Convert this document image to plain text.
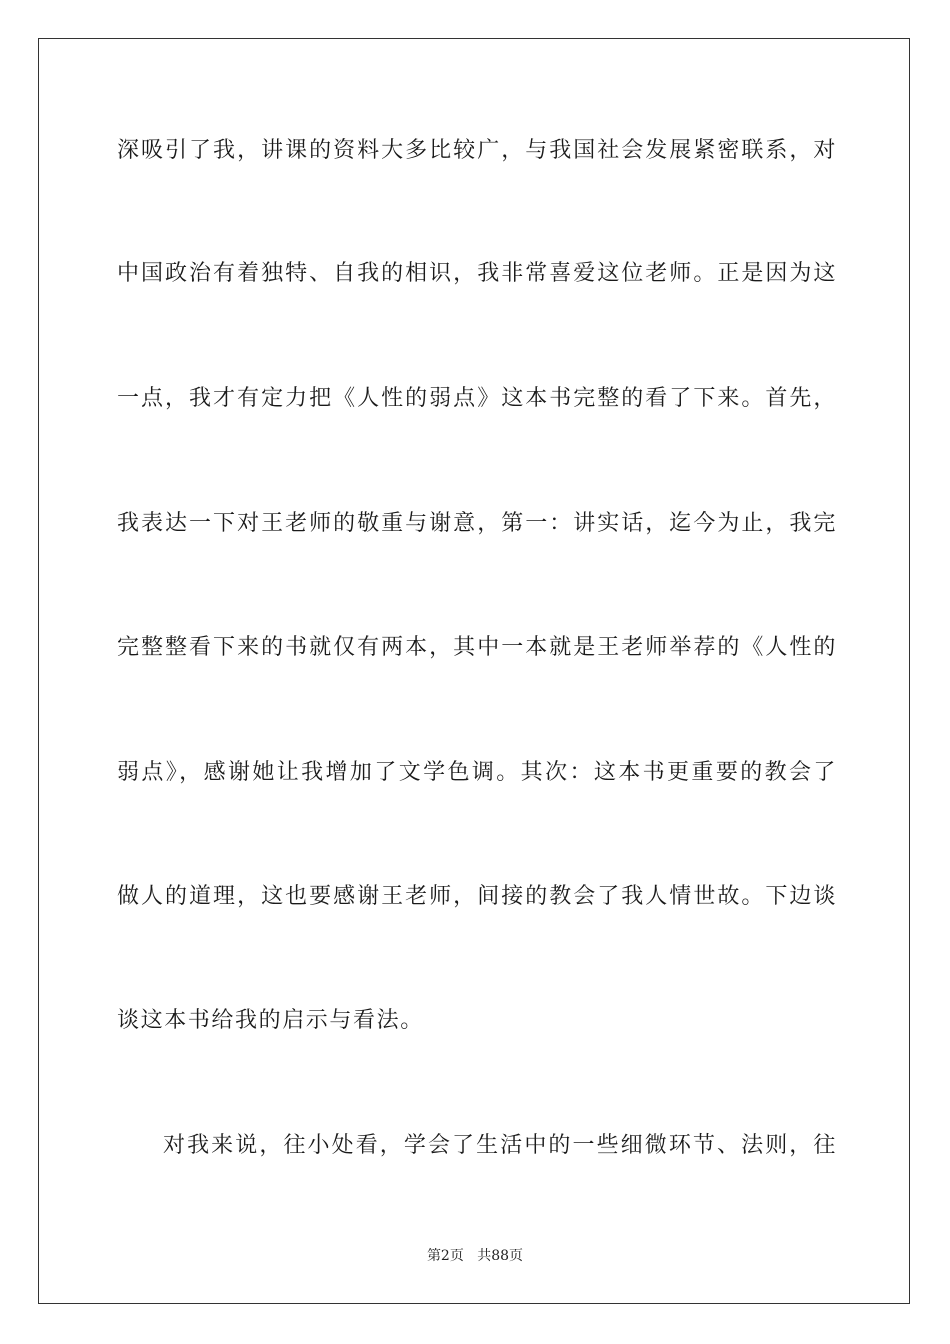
深吸引了我，讲课的资料大多比较广，与我国社会发展紧密联系，对
中国政治有着独特、自我的相识，我非常喜爱这位老师。正是因为这
一点，我才有定力把《人性的弱点》这本书完整的看了下来。首先，
我表达一下对王老师的敬重与谢意，第一：讲实话，迄今为止，我完
完整整看下来的书就仅有两本，其中一本就是王老师举荐的《人性的
弱点》，感谢她让我增加了文学色调。其次：这本书更重要的教会了
做人的道理，这也要感谢王老师，间接的教会了我人情世故。下边谈
谈这本书给我的启示与看法。
对我来说，往小处看，学会了生活中的一些细微环节、法则，往
第2页 共88页
